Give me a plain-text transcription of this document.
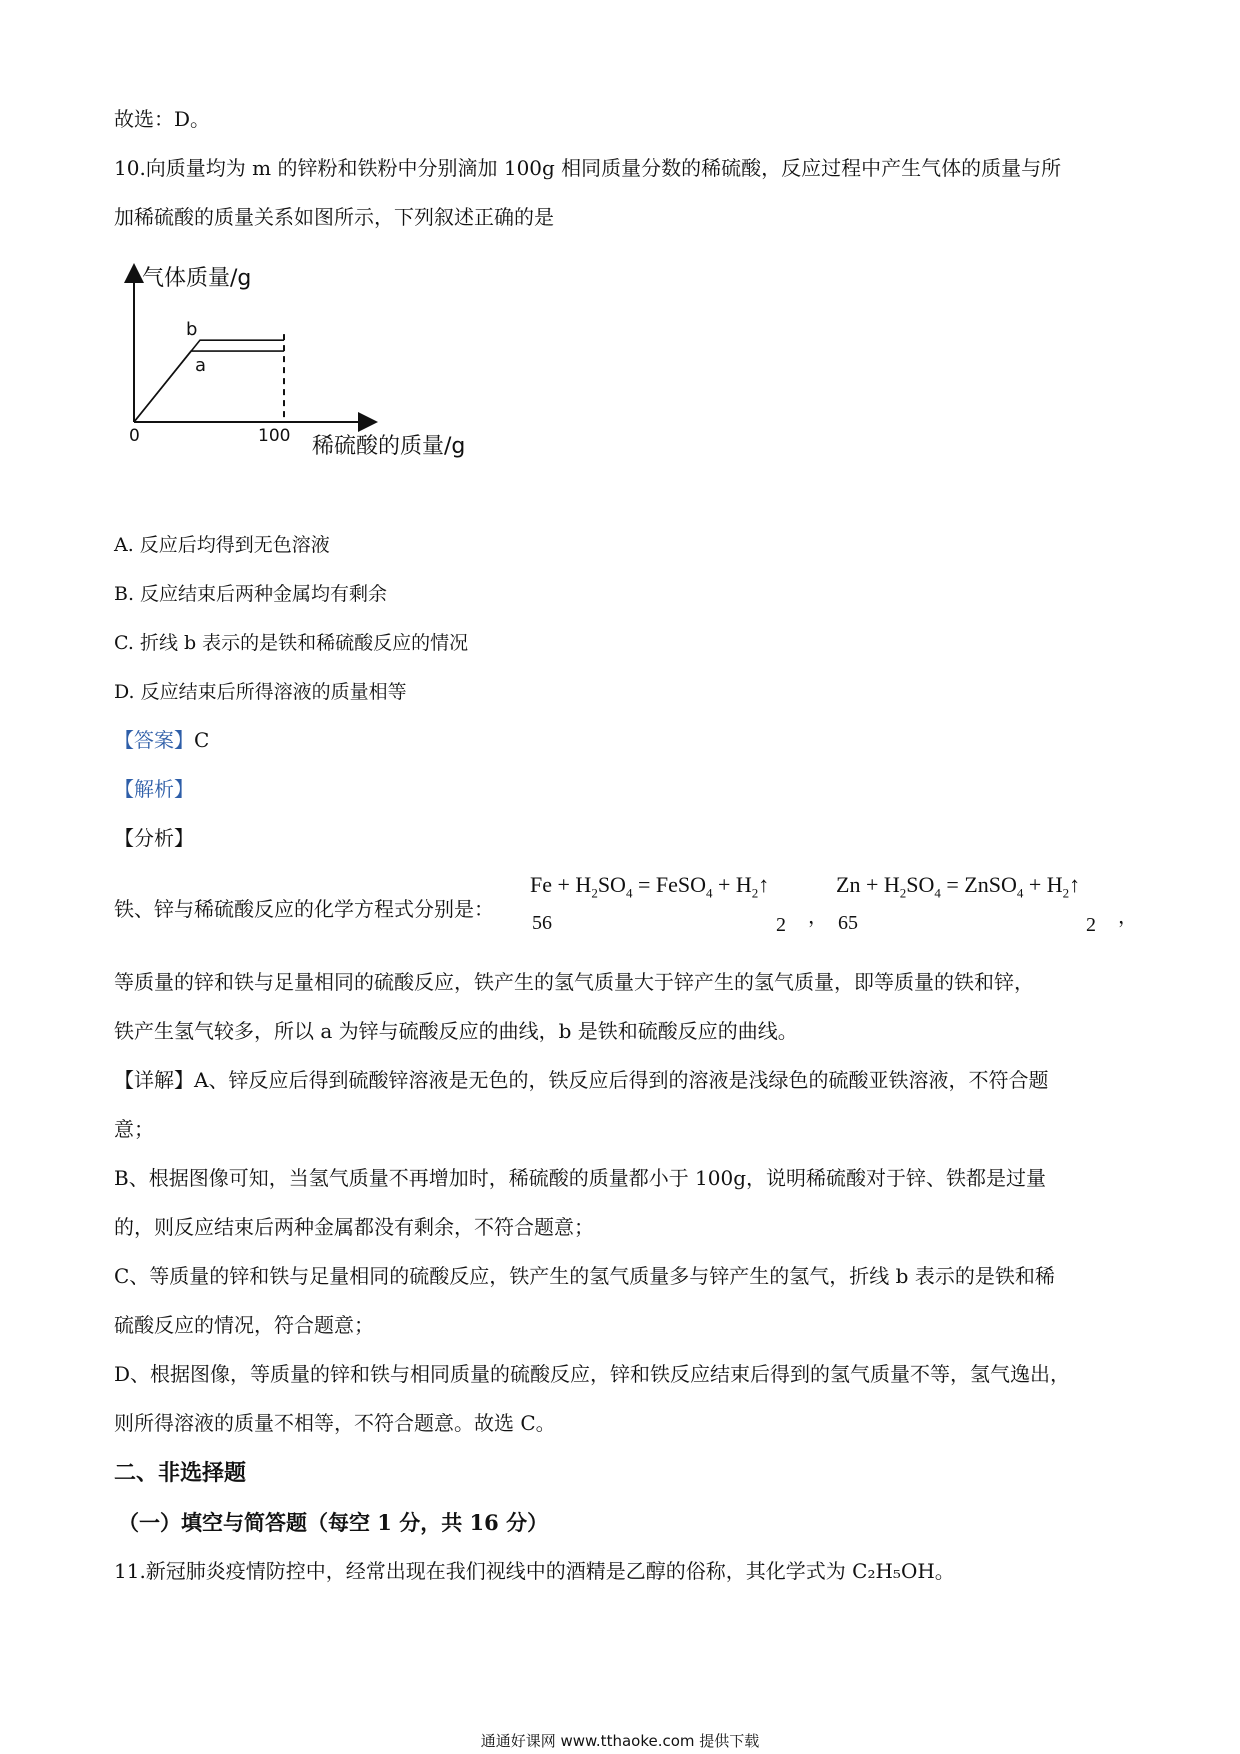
故选：D。
10.向质量均为 m 的锌粉和铁粉中分别滴加 100g 相同质量分数的稀硫酸，反应过程中产生气体的质量与所
加稀硫酸的质量关系如图所示，下列叙述正确的是
气体质量/g
稀硫酸的质量/g
0	100
b
a
A. 反应后均得到无色溶液
B. 反应结束后两种金属均有剩余
C. 折线 b 表示的是铁和稀硫酸反应的情况
D. 反应结束后所得溶液的质量相等
【答案】C
【解析】
【分析】
铁、锌与稀硫酸反应的化学方程式分别是：
$Fe + H_2SO_4$ = FeSO$_4$ + $H_2↑$
56	2 ，
$Zn + H_2SO_4$ = ZnSO$_4$ + $H_2↑$
65	2 ，
等质量的锌和铁与足量相同的硫酸反应，铁产生的氢气质量大于锌产生的氢气质量，即等质量的铁和锌，
铁产生氢气较多，所以 a 为锌与硫酸反应的曲线，b 是铁和硫酸反应的曲线。
【详解】A、锌反应后得到硫酸锌溶液是无色的，铁反应后得到的溶液是浅绿色的硫酸亚铁溶液，不符合题
意；
B、根据图像可知，当氢气质量不再增加时，稀硫酸的质量都小于 100g，说明稀硫酸对于锌、铁都是过量
的，则反应结束后两种金属都没有剩余，不符合题意；
C、等质量的锌和铁与足量相同的硫酸反应，铁产生的氢气质量多与锌产生的氢气，折线 b 表示的是铁和稀
硫酸反应的情况，符合题意；
D、根据图像，等质量的锌和铁与相同质量的硫酸反应，锌和铁反应结束后得到的氢气质量不等，氢气逸出，
则所得溶液的质量不相等，不符合题意。故选 C。
二、非选择题
（一）填空与简答题（每空 1 分，共 16 分）
11.新冠肺炎疫情防控中，经常出现在我们视线中的酒精是乙醇的俗称，其化学式为 C₂H₅OH。
通通好课网 www.tthaoke.com 提供下载
